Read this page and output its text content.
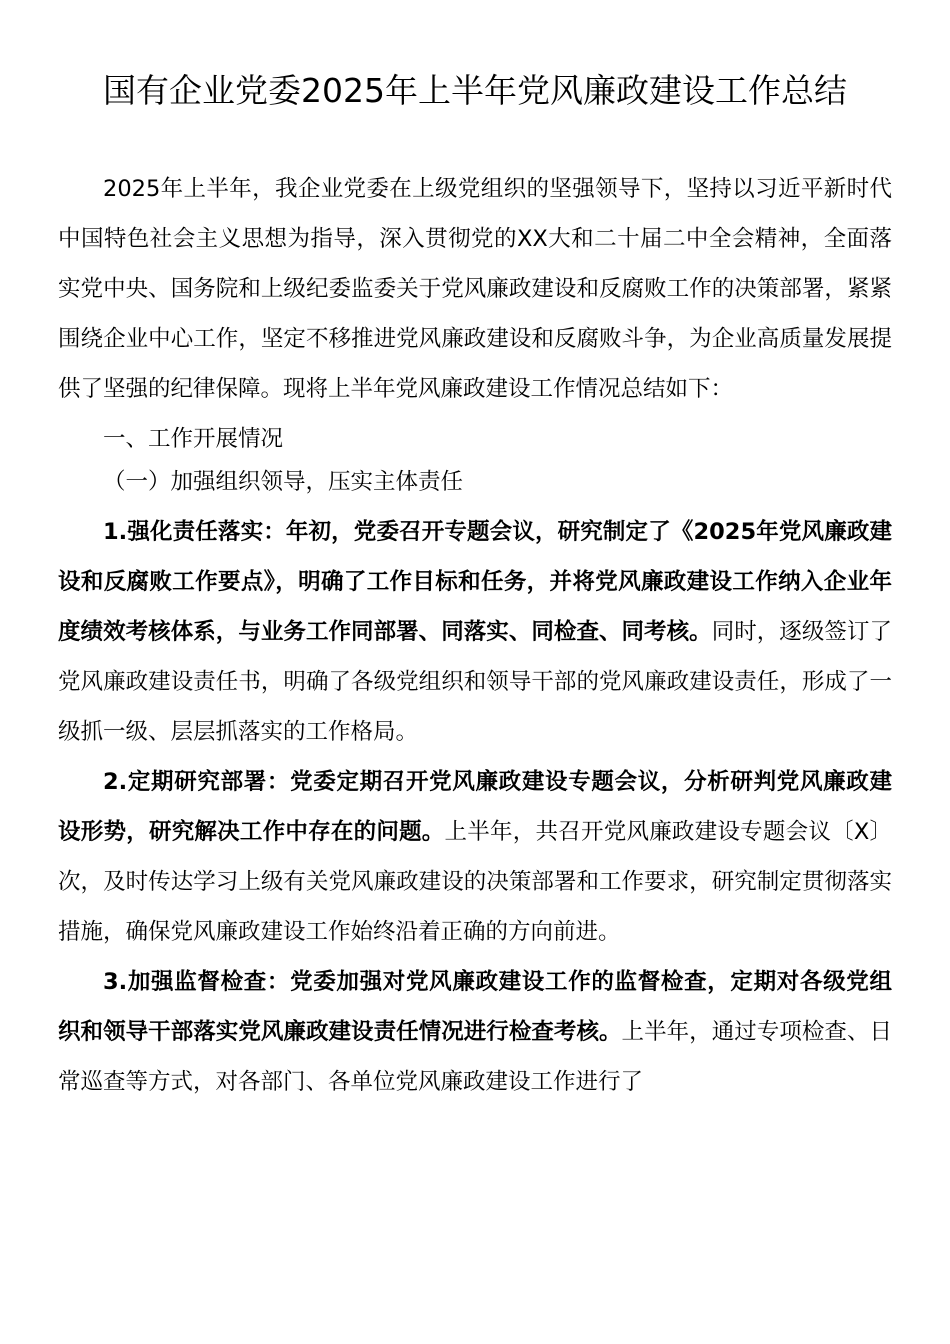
国有企业党委2025年上半年党风廉政建设工作总结

2025年上半年，我企业党委在上级党组织的坚强领导下，坚持以习近平新时代中国特色社会主义思想为指导，深入贯彻党的XX大和二十届二中全会精神，全面落实党中央、国务院和上级纪委监委关于党风廉政建设和反腐败工作的决策部署，紧紧围绕企业中心工作，坚定不移推进党风廉政建设和反腐败斗争，为企业高质量发展提供了坚强的纪律保障。现将上半年党风廉政建设工作情况总结如下：

一、工作开展情况

（一）加强组织领导，压实主体责任

1.强化责任落实：年初，党委召开专题会议，研究制定了《2025年党风廉政建设和反腐败工作要点》，明确了工作目标和任务，并将党风廉政建设工作纳入企业年度绩效考核体系，与业务工作同部署、同落实、同检查、同考核。同时，逐级签订了党风廉政建设责任书，明确了各级党组织和领导干部的党风廉政建设责任，形成了一级抓一级、层层抓落实的工作格局。

2.定期研究部署：党委定期召开党风廉政建设专题会议，分析研判党风廉政建设形势，研究解决工作中存在的问题。上半年，共召开党风廉政建设专题会议〔X〕次，及时传达学习上级有关党风廉政建设的决策部署和工作要求，研究制定贯彻落实措施，确保党风廉政建设工作始终沿着正确的方向前进。

3.加强监督检查：党委加强对党风廉政建设工作的监督检查，定期对各级党组织和领导干部落实党风廉政建设责任情况进行检查考核。上半年，通过专项检查、日常巡查等方式，对各部门、各单位党风廉政建设工作进行了
